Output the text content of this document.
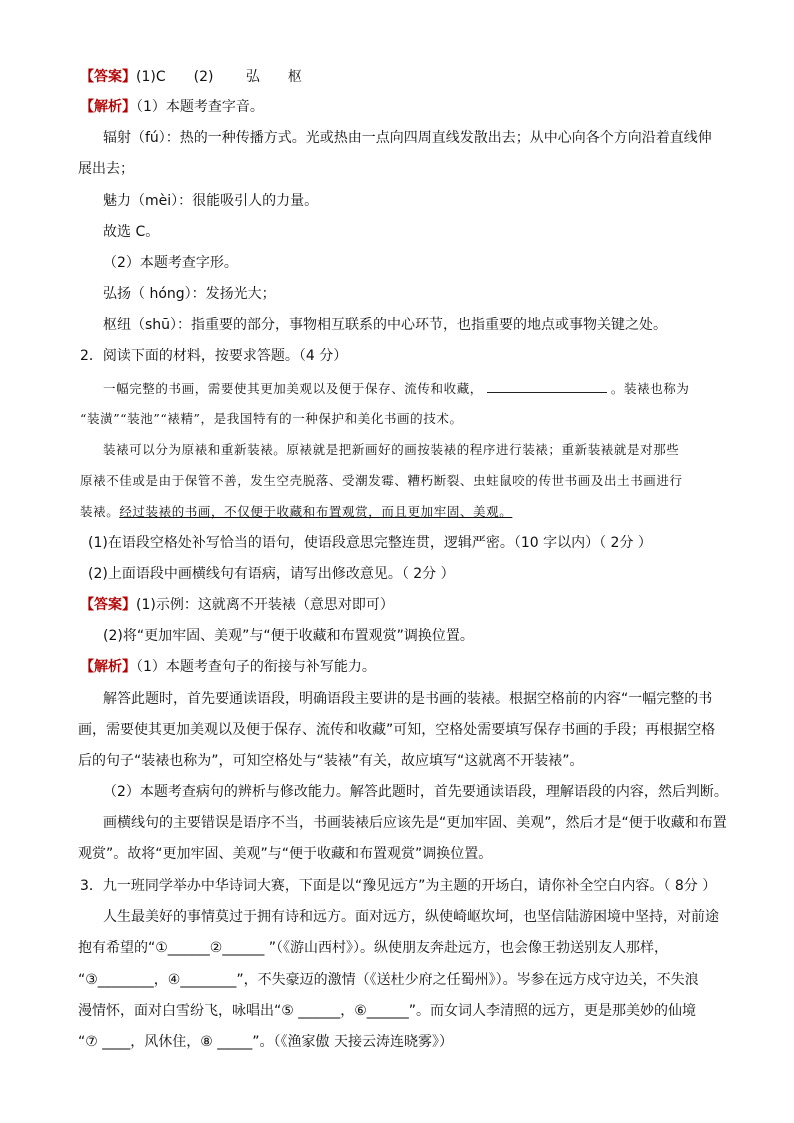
【答案】(1)C　　(2)　　 弘　　枢
【解析】（1）本题考查字音。
辐射（fú）：热的一种传播方式。光或热由一点向四周直线发散出去；从中心向各个方向沿着直线伸
展出去；
魅力（mèi）：很能吸引人的力量。
故选 C。
（2）本题考查字形。
弘扬（ hóng）：发扬光大；
枢纽（shū）：指重要的部分，事物相互联系的中心环节，也指重要的地点或事物关键之处。
2．阅读下面的材料，按要求答题。（4 分）
一幅完整的书画，需要使其更加美观以及便于保存、流传和收藏，	。装裱也称为
“装潢”“装池”“裱精”，是我国特有的一种保护和美化书画的技术。
装裱可以分为原裱和重新装裱。原裱就是把新画好的画按装裱的程序进行装裱；重新装裱就是对那些
原裱不佳或是由于保管不善，发生空壳脱落、受潮发霉、糟朽断裂、虫蛀鼠咬的传世书画及出土书画进行
装裱。经过装裱的书画，不仅便于收藏和布置观赏，而且更加牢固、美观。
(1)在语段空格处补写恰当的语句，使语段意思完整连贯，逻辑严密。（10 字以内）（ 2分 ）
(2)上面语段中画横线句有语病，请写出修改意见。（ 2分 ）
【答案】(1)示例：这就离不开装裱（意思对即可）
(2)将“更加牢固、美观”与“便于收藏和布置观赏”调换位置。
【解析】（1）本题考查句子的衔接与补写能力。
解答此题时，首先要通读语段，明确语段主要讲的是书画的装裱。根据空格前的内容“一幅完整的书
画，需要使其更加美观以及便于保存、流传和收藏”可知，空格处需要填写保存书画的手段；再根据空格
后的句子“装裱也称为”，可知空格处与“装裱”有关，故应填写“这就离不开装裱”。
（2）本题考查病句的辨析与修改能力。解答此题时，首先要通读语段，理解语段的内容，然后判断。
画横线句的主要错误是语序不当，书画装裱后应该先是“更加牢固、美观”，然后才是“便于收藏和布置
观赏”。故将“更加牢固、美观”与“便于收藏和布置观赏”调换位置。
3．九一班同学举办中华诗词大赛，下面是以“豫见远方”为主题的开场白，请你补全空白内容。（ 8分 ）
人生最美好的事情莫过于拥有诗和远方。面对远方，纵使崎岖坎坷，也坚信陆游困境中坚持，对前途
抱有希望的“①______②______ ”（《游山西村》）。纵使朋友奔赴远方，也会像王勃送别友人那样，
“③________，④________”，不失豪迈的激情（《送杜少府之任蜀州》）。岑参在远方戍守边关，不失浪
漫情怀，面对白雪纷飞，咏唱出“⑤ ______，⑥______”。而女词人李清照的远方，更是那美妙的仙境
“⑦ ____，风休住，⑧ _____”。（《渔家傲 天接云涛连晓雾》）
